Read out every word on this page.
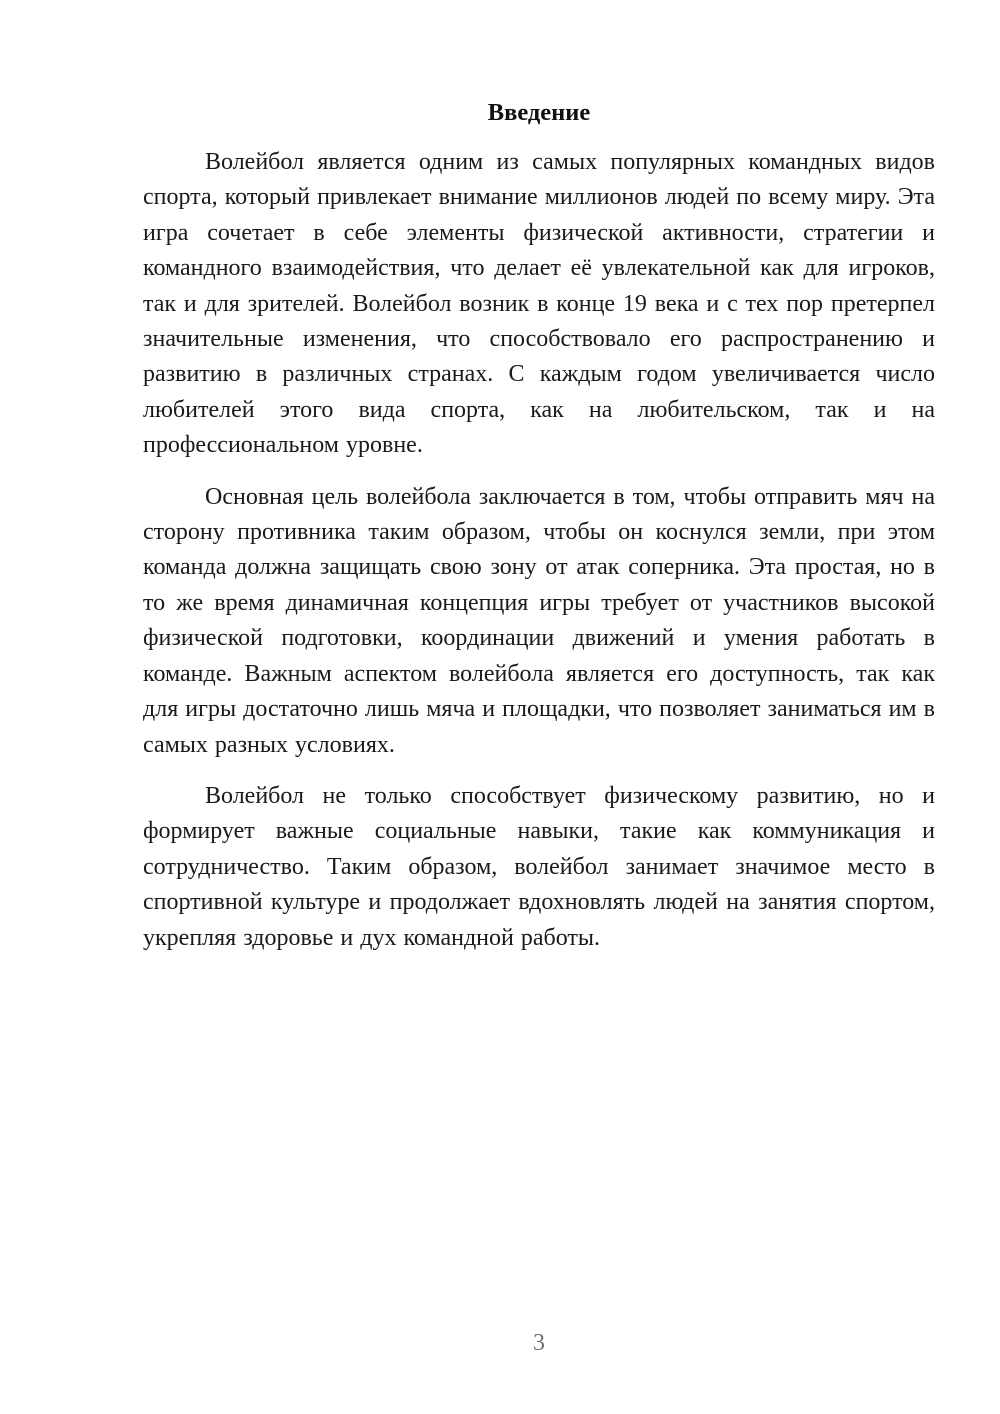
Введение

Волейбол является одним из самых популярных командных видов спорта, который привлекает внимание миллионов людей по всему миру. Эта игра сочетает в себе элементы физической активности, стратегии и командного взаимодействия, что делает её увлекательной как для игроков, так и для зрителей. Волейбол возник в конце 19 века и с тех пор претерпел значительные изменения, что способствовало его распространению и развитию в различных странах. С каждым годом увеличивается число любителей этого вида спорта, как на любительском, так и на профессиональном уровне.

Основная цель волейбола заключается в том, чтобы отправить мяч на сторону противника таким образом, чтобы он коснулся земли, при этом команда должна защищать свою зону от атак соперника. Эта простая, но в то же время динамичная концепция игры требует от участников высокой физической подготовки, координации движений и умения работать в команде. Важным аспектом волейбола является его доступность, так как для игры достаточно лишь мяча и площадки, что позволяет заниматься им в самых разных условиях.

Волейбол не только способствует физическому развитию, но и формирует важные социальные навыки, такие как коммуникация и сотрудничество. Таким образом, волейбол занимает значимое место в спортивной культуре и продолжает вдохновлять людей на занятия спортом, укрепляя здоровье и дух командной работы.

3
